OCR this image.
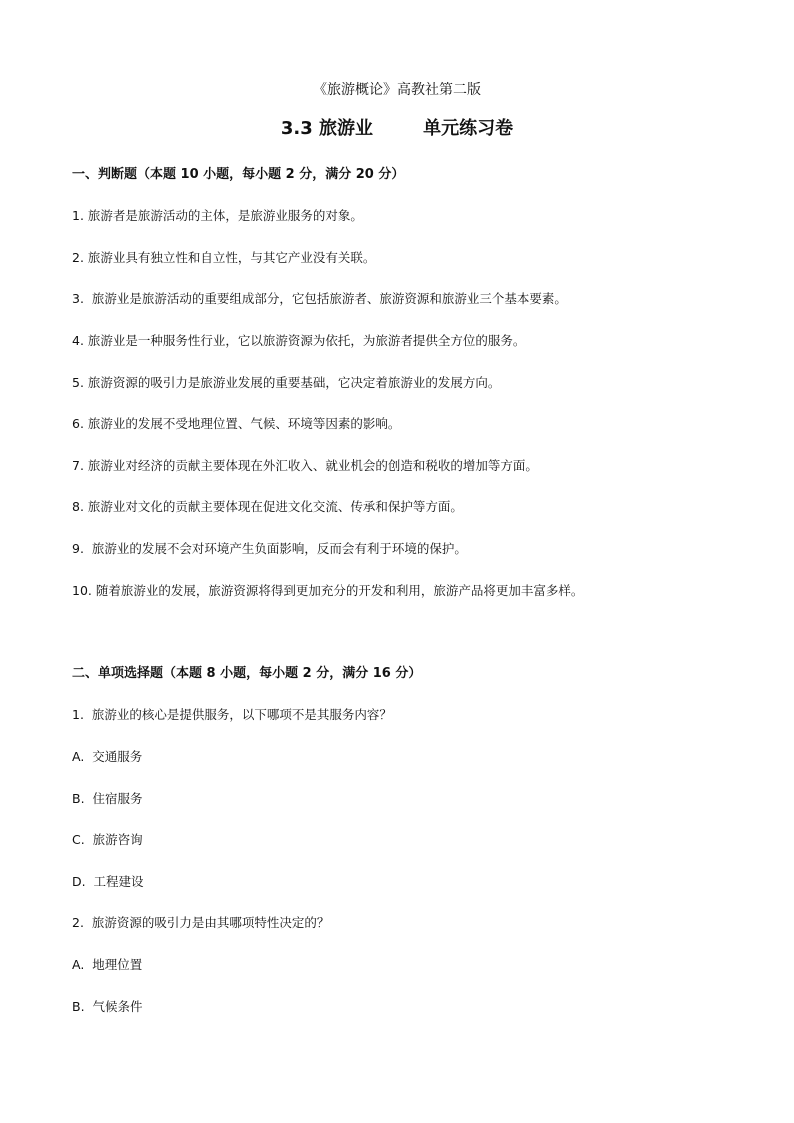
《旅游概论》高教社第二版
3.3 旅游业        单元练习卷
一、判断题（本题 10 小题，每小题 2 分，满分 20 分）
1. 旅游者是旅游活动的主体，是旅游业服务的对象。
2. 旅游业具有独立性和自立性，与其它产业没有关联。
3.  旅游业是旅游活动的重要组成部分，它包括旅游者、旅游资源和旅游业三个基本要素。
4. 旅游业是一种服务性行业，它以旅游资源为依托，为旅游者提供全方位的服务。
5. 旅游资源的吸引力是旅游业发展的重要基础，它决定着旅游业的发展方向。
6. 旅游业的发展不受地理位置、气候、环境等因素的影响。
7. 旅游业对经济的贡献主要体现在外汇收入、就业机会的创造和税收的增加等方面。
8. 旅游业对文化的贡献主要体现在促进文化交流、传承和保护等方面。
9.  旅游业的发展不会对环境产生负面影响，反而会有利于环境的保护。
10. 随着旅游业的发展，旅游资源将得到更加充分的开发和利用，旅游产品将更加丰富多样。
二、单项选择题（本题 8 小题，每小题 2 分，满分 16 分）
1.  旅游业的核心是提供服务，以下哪项不是其服务内容？
A.  交通服务
B.  住宿服务
C.  旅游咨询
D.  工程建设
2.  旅游资源的吸引力是由其哪项特性决定的？
A.  地理位置
B.  气候条件
